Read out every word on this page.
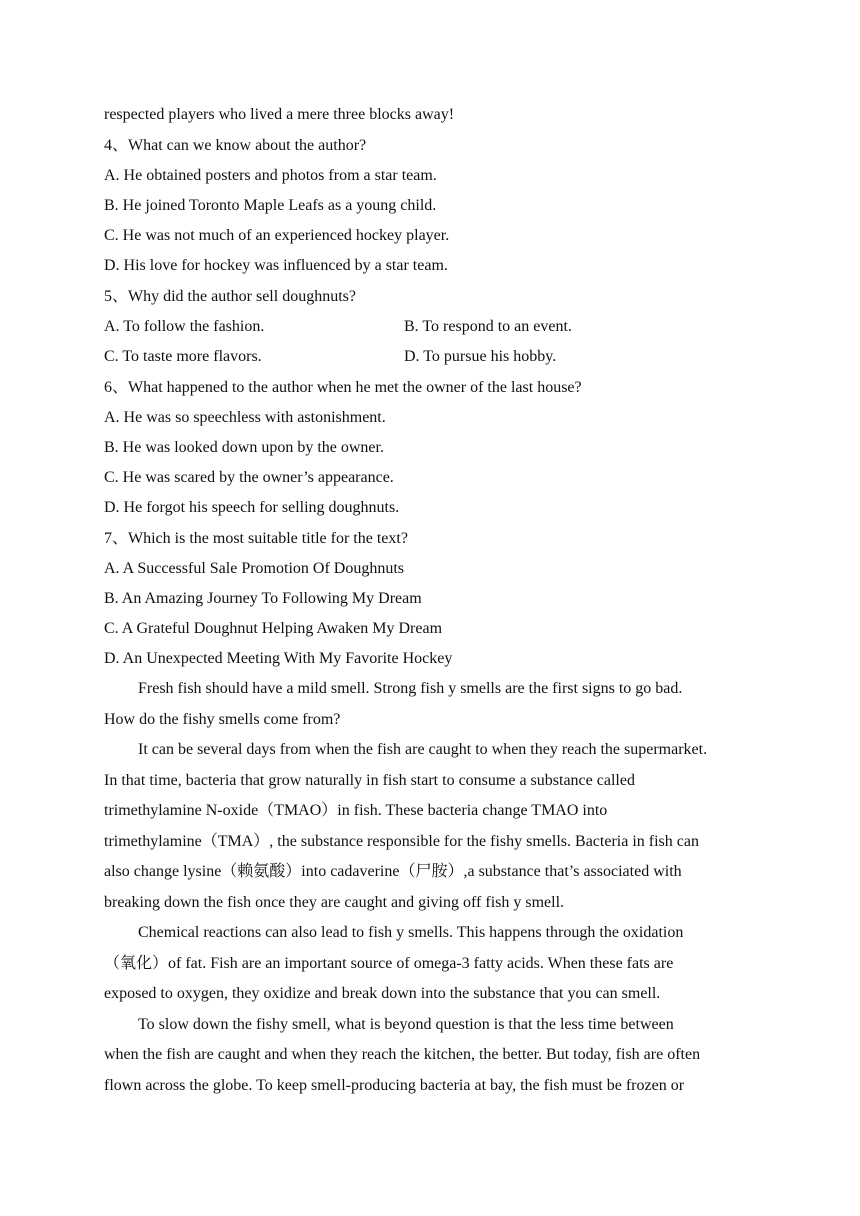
respected players who lived a mere three blocks away!

4、What can we know about the author?

A. He obtained posters and photos from a star team.

B. He joined Toronto Maple Leafs as a young child.

C. He was not much of an experienced hockey player.

D. His love for hockey was influenced by a star team.

5、Why did the author sell doughnuts?

A. To follow the fashion.	B. To respond to an event.

C. To taste more flavors.	D. To pursue his hobby.

6、What happened to the author when he met the owner of the last house?

A. He was so speechless with astonishment.

B. He was looked down upon by the owner.

C. He was scared by the owner’s appearance.

D. He forgot his speech for selling doughnuts.

7、Which is the most suitable title for the text?

A. A Successful Sale Promotion Of Doughnuts

B. An Amazing Journey To Following My Dream

C. A Grateful Doughnut Helping Awaken My Dream

D. An Unexpected Meeting With My Favorite Hockey

Fresh fish should have a mild smell. Strong fish y smells are the first signs to go bad.
How do the fishy smells come from?

It can be several days from when the fish are caught to when they reach the supermarket.
In that time, bacteria that grow naturally in fish start to consume a substance called
trimethylamine N-oxide（TMAO）in fish. These bacteria change TMAO into
trimethylamine（TMA）, the substance responsible for the fishy smells. Bacteria in fish can
also change lysine（赖氨酸）into cadaverine（尸胺）,a substance that’s associated with
breaking down the fish once they are caught and giving off fish y smell.

Chemical reactions can also lead to fish y smells. This happens through the oxidation
（氧化）of fat. Fish are an important source of omega-3 fatty acids. When these fats are
exposed to oxygen, they oxidize and break down into the substance that you can smell.

To slow down the fishy smell, what is beyond question is that the less time between
when the fish are caught and when they reach the kitchen, the better. But today, fish are often
flown across the globe. To keep smell-producing bacteria at bay, the fish must be frozen or
